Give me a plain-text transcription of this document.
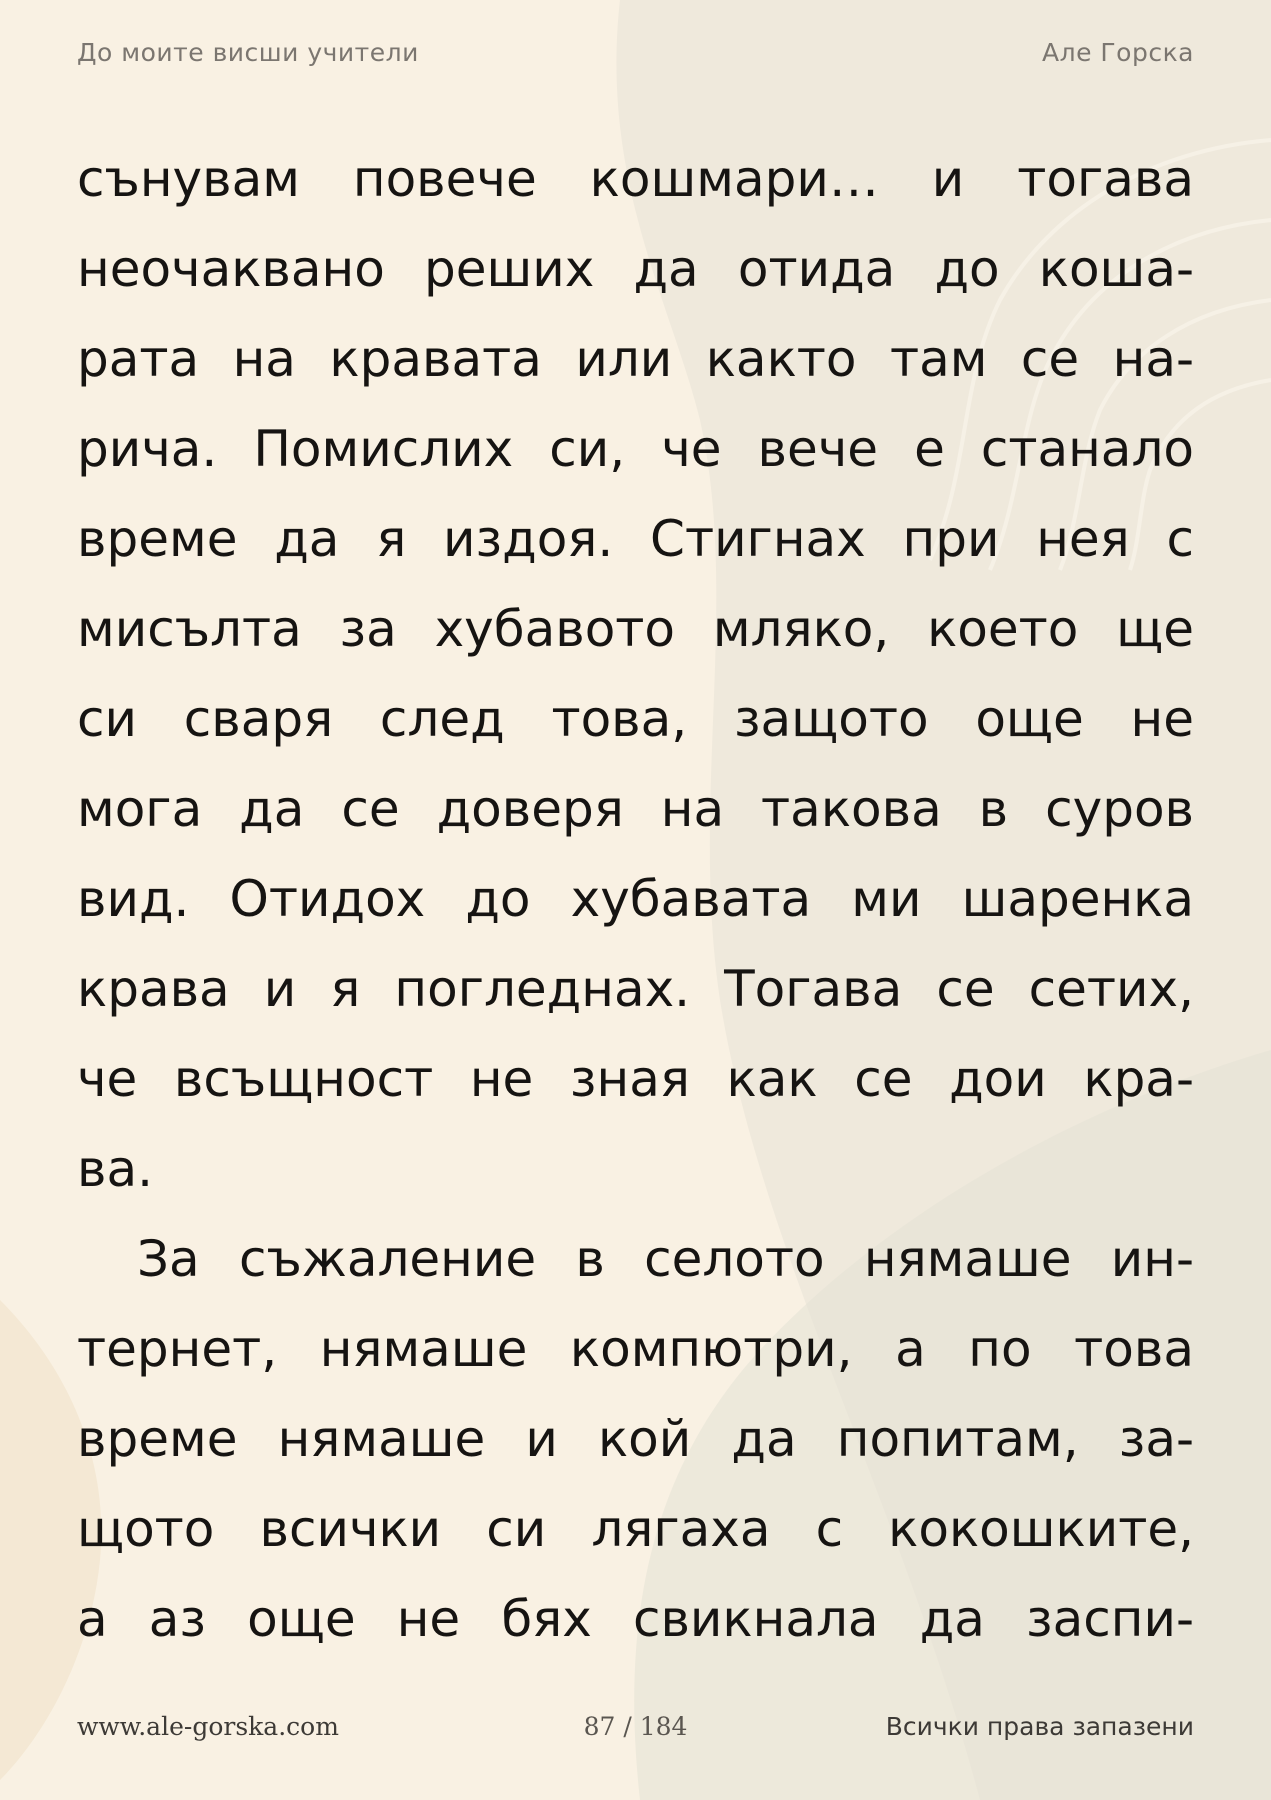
До моите висши учители	Але Горска
сънувам повече кошмари… и тогава
неочаквано реших да отида до коша-
рата на кравата или както там се на-
рича. Помислих си, че вече е станало
време да я издоя. Стигнах при нея с
мисълта за хубавото мляко, което ще
си сваря след това, защото още не
мога да се доверя на такова в суров
вид. Отидох до хубавата ми шаренка
крава и я погледнах. Тогава се сетих,
че всъщност не зная как се дои кра-
ва.
За съжаление в селото нямаше ин-
тернет, нямаше компютри, а по това
време нямаше и кой да попитам, за-
щото всички си лягаха с кокошките,
а аз още не бях свикнала да заспи-
www.ale-gorska.com	87 / 184	Всички права запазени
